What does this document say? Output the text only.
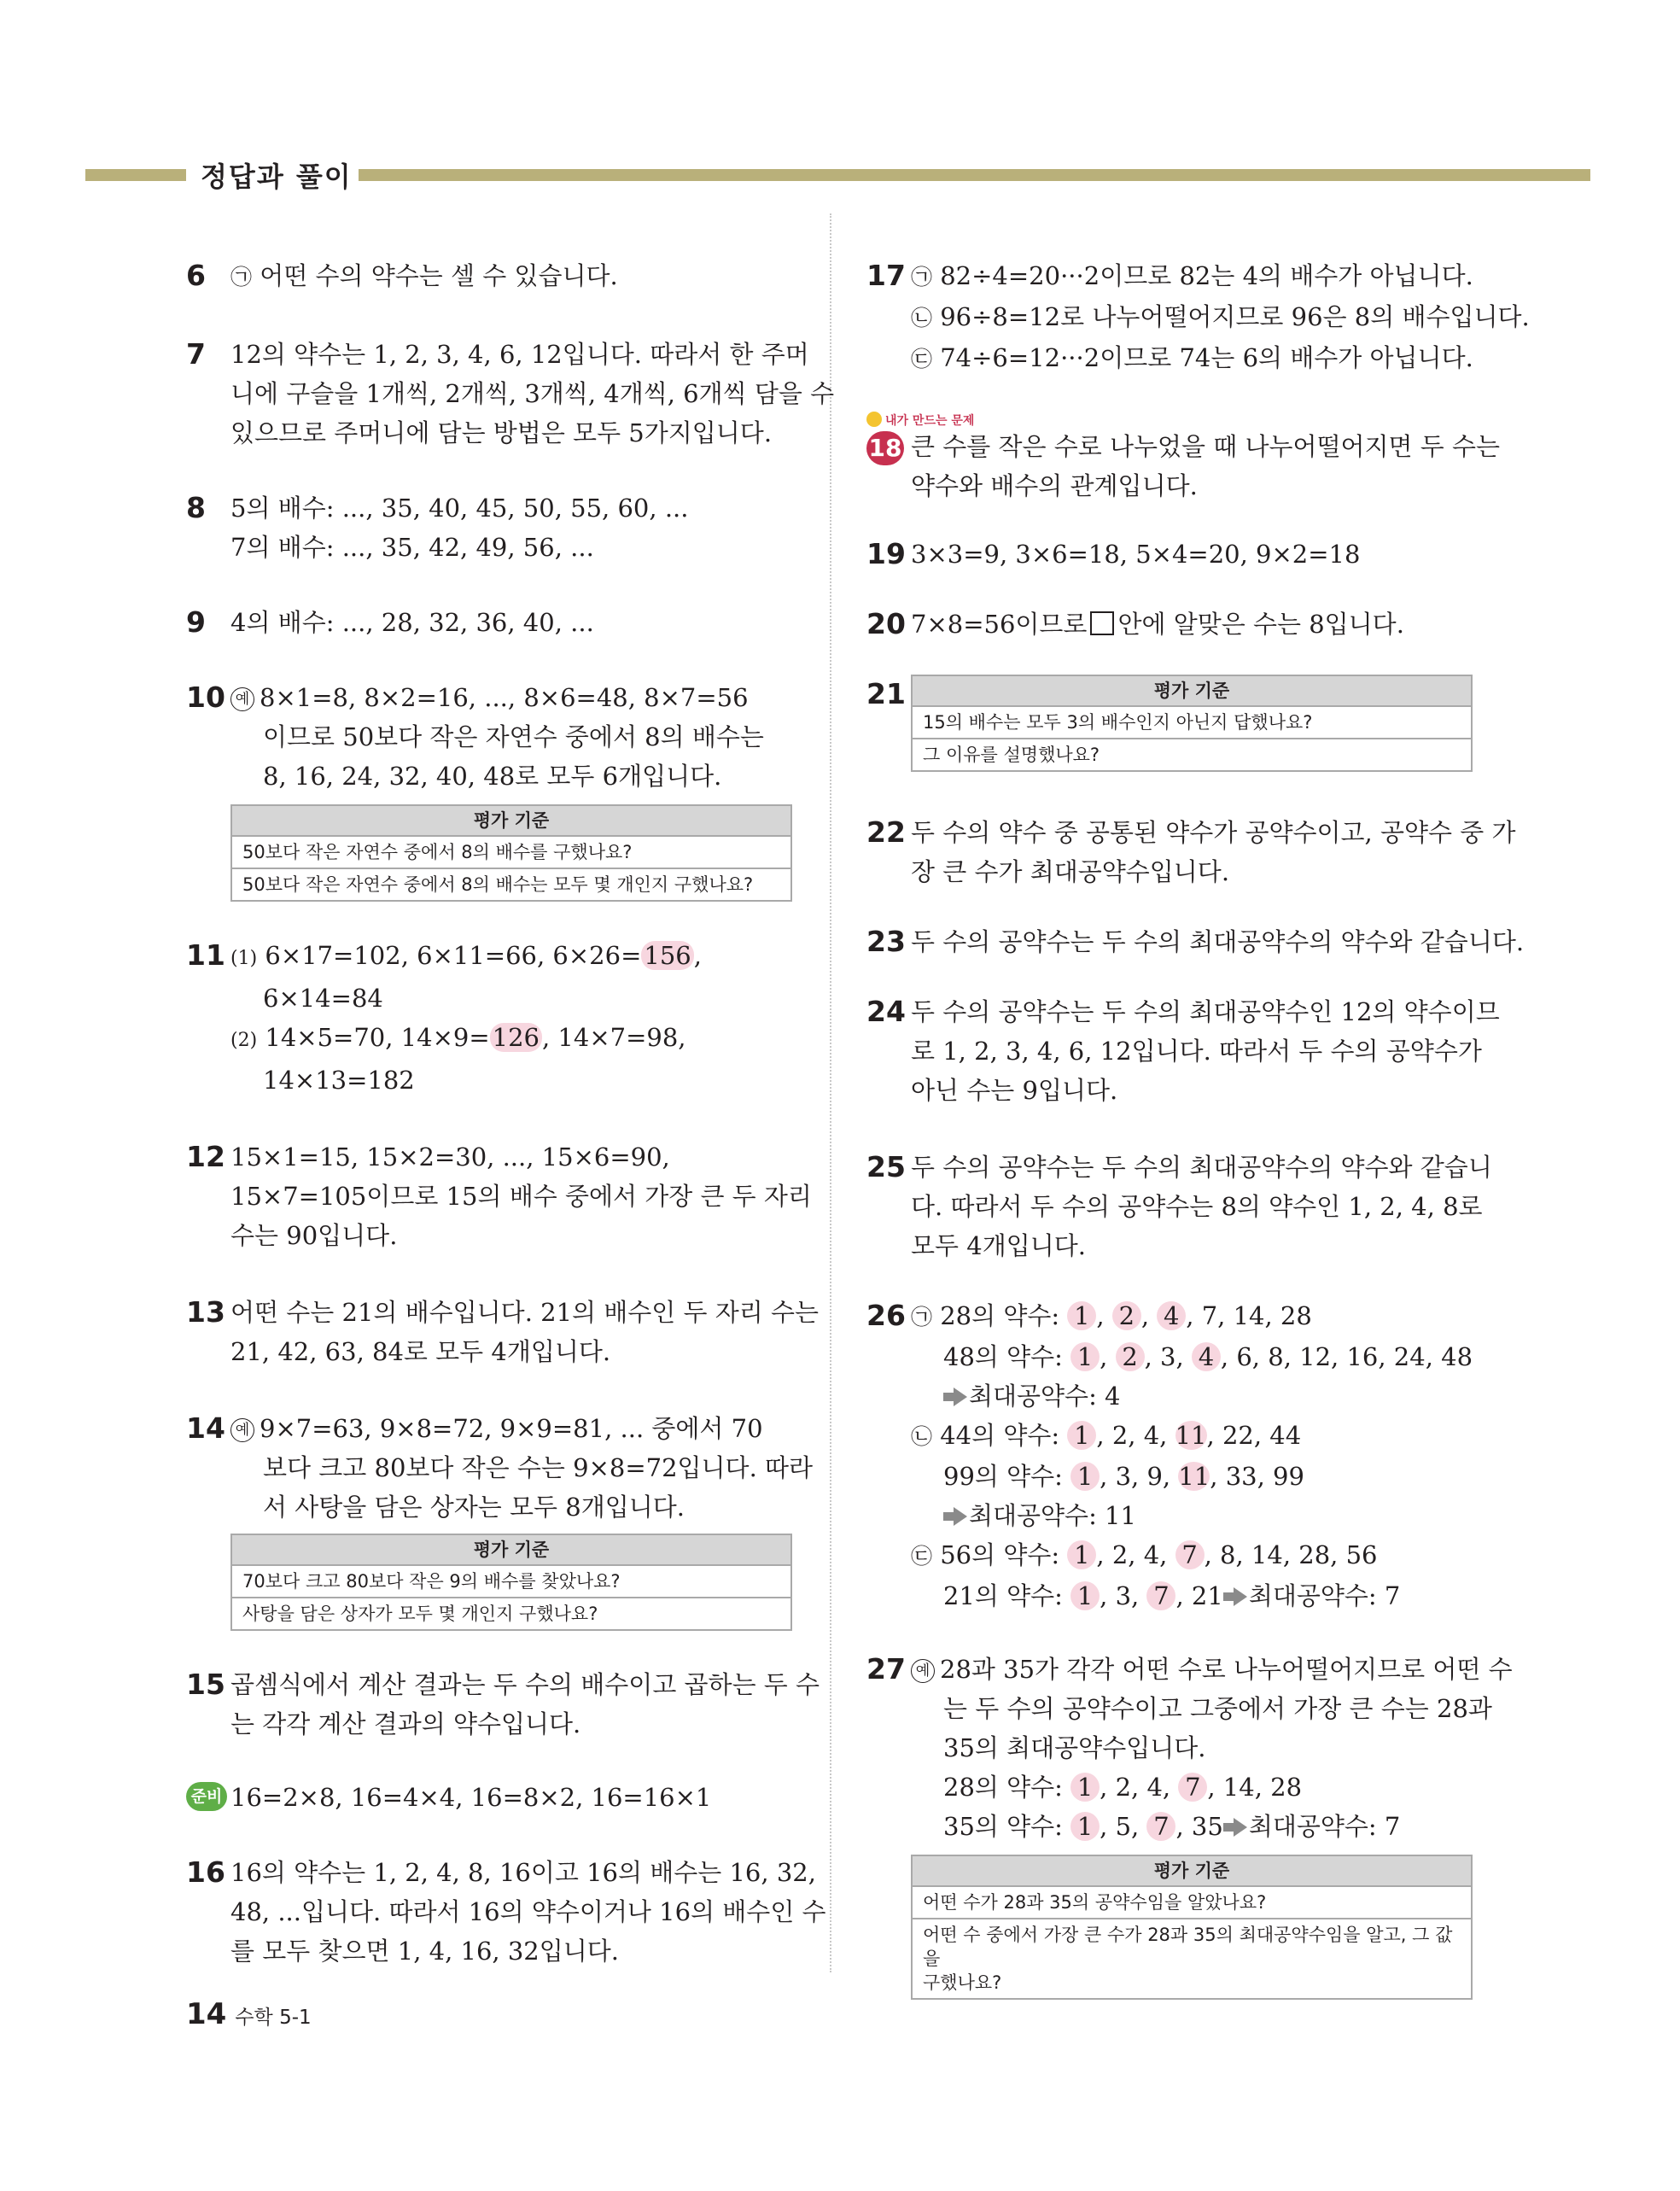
정답과 풀이
6 ㉠ 어떤 수의 약수는 셀 수 있습니다.
7 12의 약수는 1, 2, 3, 4, 6, 12입니다. 따라서 한 주머
니에 구슬을 1개씩, 2개씩, 3개씩, 4개씩, 6개씩 담을 수
있으므로 주머니에 담는 방법은 모두 5가지입니다.
8 5의 배수: ..., 35, 40, 45, 50, 55, 60, ...
7의 배수: ..., 35, 42, 49, 56, ...
9 4의 배수: ..., 28, 32, 36, 40, ...
10 예 8×1=8, 8×2=16, ..., 8×6=48, 8×7=56
이므로 50보다 작은 자연수 중에서 8의 배수는
8, 16, 24, 32, 40, 48로 모두 6개입니다.
평가 기준
50보다 작은 자연수 중에서 8의 배수를 구했나요?
50보다 작은 자연수 중에서 8의 배수는 모두 몇 개인지 구했나요?
11 (1) 6×17=102, 6×11=66, 6×26= 156 ,
6×14=84
(2) 14×5=70, 14×9= 126 , 14×7=98,
14×13=182
12 15×1=15, 15×2=30, ..., 15×6=90,
15×7=105이므로 15의 배수 중에서 가장 큰 두 자리
수는 90입니다.
13 어떤 수는 21의 배수입니다. 21의 배수인 두 자리 수는
21, 42, 63, 84로 모두 4개입니다.
14 예 9×7=63, 9×8=72, 9×9=81, ... 중에서 70
보다 크고 80보다 작은 수는 9×8=72입니다. 따라
서 사탕을 담은 상자는 모두 8개입니다.
평가 기준
70보다 크고 80보다 작은 9의 배수를 찾았나요?
사탕을 담은 상자가 모두 몇 개인지 구했나요?
15 곱셈식에서 계산 결과는 두 수의 배수이고 곱하는 두 수
는 각각 계산 결과의 약수입니다.
준비 16=2×8, 16=4×4, 16=8×2, 16=16×1
16 16의 약수는 1, 2, 4, 8, 16이고 16의 배수는 16, 32,
48, ...입니다. 따라서 16의 약수이거나 16의 배수인 수
를 모두 찾으면 1, 4, 16, 32입니다.
17 ㉠ 82÷4=20···2이므로 82는 4의 배수가 아닙니다.
㉡ 96÷8=12로 나누어떨어지므로 96은 8의 배수입니다.
㉢ 74÷6=12···2이므로 74는 6의 배수가 아닙니다.
내가 만드는 문제
18 큰 수를 작은 수로 나누었을 때 나누어떨어지면 두 수는
약수와 배수의 관계입니다.
19 3×3=9, 3×6=18, 5×4=20, 9×2=18
20 7×8=56이므로 안에 알맞은 수는 8입니다.
21	평가 기준
15의 배수는 모두 3의 배수인지 아닌지 답했나요?
그 이유를 설명했나요?
22 두 수의 약수 중 공통된 약수가 공약수이고, 공약수 중 가
장 큰 수가 최대공약수입니다.
23 두 수의 공약수는 두 수의 최대공약수의 약수와 같습니다.
24 두 수의 공약수는 두 수의 최대공약수인 12의 약수이므
로 1, 2, 3, 4, 6, 12입니다. 따라서 두 수의 공약수가
아닌 수는 9입니다.
25 두 수의 공약수는 두 수의 최대공약수의 약수와 같습니
다. 따라서 두 수의 공약수는 8의 약수인 1, 2, 4, 8로
모두 4개입니다.
26 ㉠ 28의 약수: 1 , 2 , 4 , 7, 14, 28
48의 약수: 1 , 2 , 3, 4 , 6, 8, 12, 16, 24, 48
최대공약수: 4
㉡ 44의 약수: 1 , 2, 4, 11, 22, 44
99의 약수: 1 , 3, 9, 11, 33, 99
최대공약수: 11
㉢ 56의 약수: 1 , 2, 4, 7 , 8, 14, 28, 56
21의 약수: 1 , 3, 7 , 21 최대공약수: 7
27 예 28과 35가 각각 어떤 수로 나누어떨어지므로 어떤 수
는 두 수의 공약수이고 그중에서 가장 큰 수는 28과
35의 최대공약수입니다.
28의 약수: 1 , 2, 4, 7 , 14, 28
35의 약수: 1 , 5, 7 , 35 최대공약수: 7
평가 기준
어떤 수가 28과 35의 공약수임을 알았나요?
어떤 수 중에서 가장 큰 수가 28과 35의 최대공약수임을 알고, 그 값을
구했나요?
14 수학 5-1
